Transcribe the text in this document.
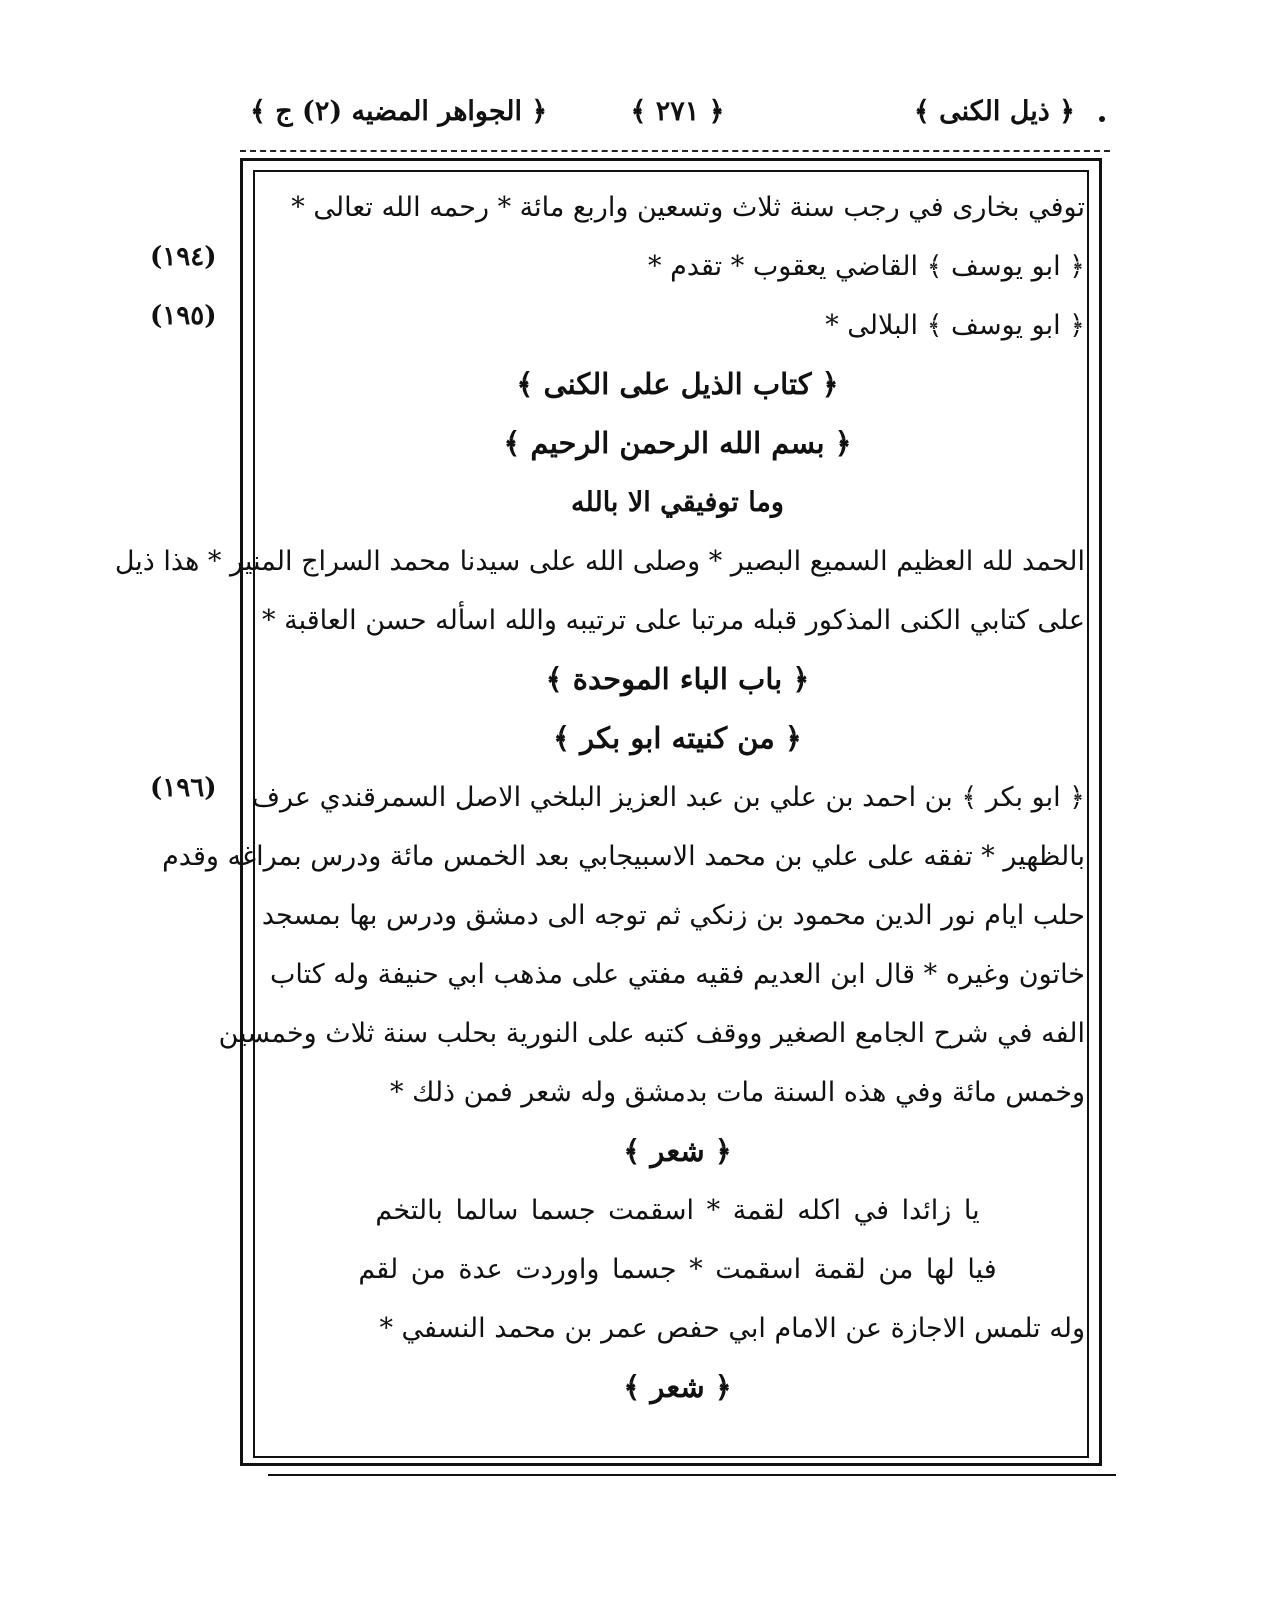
﴿ ذيل الكنى ﴾
﴿ ٢٧١ ﴾
﴿ الجواهر المضيه (٢) ج ﴾
(١٩٤)
(١٩٥)
(١٩٦)
توفي بخارى في رجب سنة ثلاث وتسعين واربع مائة * رحمه الله تعالى *
﴿ ابو يوسف ﴾ القاضي يعقوب * تقدم *
﴿ ابو يوسف ﴾ البلالى *
﴿ كتاب الذيل على الكنى ﴾
﴿ بسم الله الرحمن الرحيم ﴾
وما توفيقي الا بالله
الحمد لله العظيم السميع البصير * وصلى الله على سيدنا محمد السراج المنير * هذا ذيل
على كتابي الكنى المذكور قبله مرتبا على ترتيبه والله اسأله حسن العاقبة *
﴿ باب الباء الموحدة ﴾
﴿ من كنيته ابو بكر ﴾
﴿ ابو بكر ﴾ بن احمد بن علي بن عبد العزيز البلخي الاصل السمرقندي عرف
بالظهير * تفقه على علي بن محمد الاسبيجابي بعد الخمس مائة ودرس بمراغه وقدم
حلب ايام نور الدين محمود بن زنكي ثم توجه الى دمشق ودرس بها بمسجد
خاتون وغيره * قال ابن العديم فقيه مفتي على مذهب ابي حنيفة وله كتاب
الفه في شرح الجامع الصغير ووقف كتبه على النورية بحلب سنة ثلاث وخمسين
وخمس مائة وفي هذه السنة مات بدمشق وله شعر فمن ذلك *
﴿ شعر ﴾
يا زائدا في اكله لقمة * اسقمت جسما سالما بالتخم
فيا لها من لقمة اسقمت * جسما واوردت عدة من لقم
وله تلمس الاجازة عن الامام ابي حفص عمر بن محمد النسفي *
﴿ شعر ﴾
